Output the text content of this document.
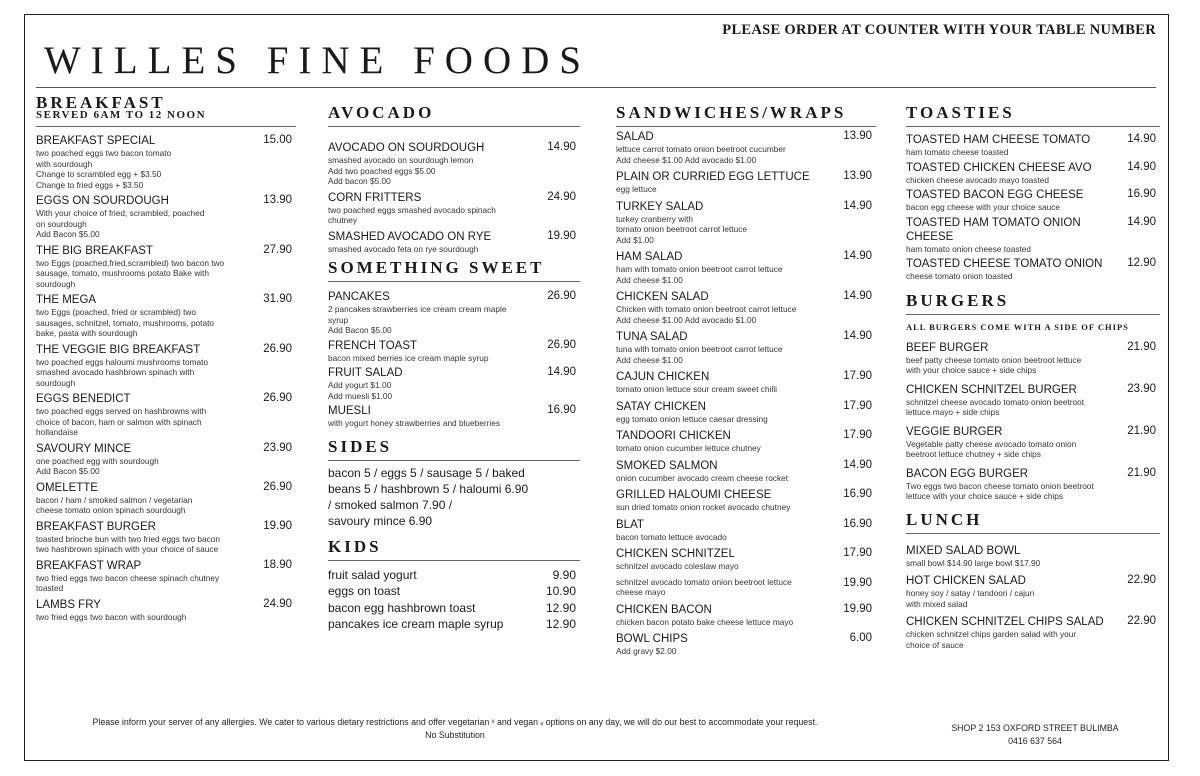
PLEASE ORDER AT COUNTER WITH YOUR TABLE NUMBER
WILLES FINE FOODS
BREAKFAST
SERVED 6AM TO 12 NOON
BREAKFAST SPECIAL	15.00
two poached eggs two bacon tomato
with sourdough
Change to scrambled egg + $3.50
Change to fried eggs + $3.50
EGGS ON SOURDOUGH	13.90
With your choice of fried, scrambled, poached
on sourdough
Add Bacon $5.00
THE BIG BREAKFAST	27.90
two Eggs (poached,fried,scrambled) two bacon two
sausage, tomato, mushrooms potato Bake with
sourdough
THE MEGA	31.90
two Eggs (poached, fried or scrambled) two
sausages, schnitzel, tomato, mushrooms, potato
bake, pasta with sourdough
THE VEGGIE BIG BREAKFAST	26.90
two poached eggs haloumi mushrooms tomato
smashed avocado hashbrown spinach with
sourdough
EGGS BENEDICT	26.90
two poached eggs served on hashbrowns with
choice of bacon, ham or salmon with spinach
hollandaise
SAVOURY MINCE	23.90
one poached egg with sourdough
Add Bacon $5.00
OMELETTE	26.90
bacon / ham / smoked salmon / vegetarian
cheese tomato onion spinach sourdough
BREAKFAST BURGER	19.90
toasted brioche bun with two fried eggs two bacon
two hashbrown spinach with your choice of sauce
BREAKFAST WRAP	18.90
two fried eggs two bacon cheese spinach chutney
toasted
LAMBS FRY	24.90
two fried eggs two bacon with sourdough
AVOCADO
AVOCADO ON SOURDOUGH	14.90
smashed avocado on sourdough lemon
Add two poached eggs $5.00
Add bacon $5.00
CORN FRITTERS	24.90
two poached eggs smashed avocado spinach
chutney
SMASHED AVOCADO ON RYE	19.90
smashed avocado feta on rye sourdough
SOMETHING SWEET
PANCAKES	26.90
2 pancakes strawberries ice cream cream maple
syrup
Add Bacon $5.00
FRENCH TOAST	26.90
bacon mixed berries ice cream maple syrup
FRUIT SALAD	14.90
Add yogurt $1.00
Add muesli $1.00
MUESLI	16.90
with yogurt honey strawberries and blueberries
SIDES
bacon 5 / eggs 5 / sausage 5 / baked
beans 5 / hashbrown 5 / haloumi 6.90
/ smoked salmon 7.90 /
savoury mince 6.90
KIDS
fruit salad yogurt	9.90
eggs on toast	10.90
bacon egg hashbrown toast	12.90
pancakes ice cream maple syrup	12.90
SANDWICHES/WRAPS
SALAD	13.90
lettuce carrot tomato onion beetroot cucumber
Add cheese $1.00 Add avocado $1.00
PLAIN OR CURRIED EGG LETTUCE	13.90
egg lettuce
TURKEY SALAD	14.90
turkey cranberry with
tomato onion beetroot carrot lettuce
Add $1.00
HAM SALAD	14.90
ham with tomato onion beetroot carrot lettuce
Add cheese $1.00
CHICKEN SALAD	14.90
Chicken with tomato onion beetroot carrot lettuce
Add cheese $1.00 Add avocado $1.00
TUNA SALAD	14.90
tuna with tomato onion beetroot carrot lettuce
Add cheese $1.00
CAJUN CHICKEN	17.90
tomato onion lettuce sour cream sweet chilli
SATAY CHICKEN	17.90
egg tomato onion lettuce caesar dressing
TANDOORI CHICKEN	17.90
tomato onion cucumber lettuce chutney
SMOKED SALMON	14.90
onion cucumber avocado cream cheese rocket
GRILLED HALOUMI CHEESE	16.90
sun dried tomato onion rocket avocado chutney
BLAT	16.90
bacon tomato lettuce avocado
CHICKEN SCHNITZEL	17.90
schnitzel avocado coleslaw mayo
19.90
schnitzel avocado tomato onion beetroot lettuce
cheese mayo
CHICKEN BACON	19.90
chicken bacon potato bake cheese lettuce mayo
BOWL CHIPS	6.00
Add gravy $2.00
TOASTIES
TOASTED HAM CHEESE TOMATO	14.90
ham tomato cheese toasted
TOASTED CHICKEN CHEESE AVO	14.90
chicken cheese avocado mayo toasted
TOASTED BACON EGG CHEESE	16.90
bacon egg cheese with your choice sauce
TOASTED HAM TOMATO ONION CHEESE
14.90
ham tomato onion cheese toasted
TOASTED CHEESE TOMATO ONION	12.90
cheese tomato onion toasted
BURGERS
ALL BURGERS COME WITH A SIDE OF CHIPS
BEEF BURGER	21.90
beef patty cheese tomato onion beetroot lettuce
with your choice sauce + side chips
CHICKEN SCHNITZEL BURGER	23.90
schnitzel cheese avocado tomato onion beetroot
lettuce mayo + side chips
VEGGIE BURGER	21.90
Vegetable patty cheese avocado tomato onion
beetroot lettuce chutney + side chips
BACON EGG BURGER	21.90
Two eggs two bacon cheese tomato onion beetroot
lettuce with your choice sauce + side chips
LUNCH
MIXED SALAD BOWL
small bowl $14.90 large bowl $17.90
HOT CHICKEN SALAD	22.90
honey soy / satay / tandoori / cajun
with mixed salad
CHICKEN SCHNITZEL CHIPS SALAD	22.90
chicken schnitzel chips garden salad with your
choice of sauce
Please inform your server of any allergies. We cater to various dietary restrictions and offer vegetarian ᵛ and vegan ᵥ options on any day, we will do our best to accommodate your request.
No Substitution
SHOP 2 153 OXFORD STREET BULIMBA
0416 637 564
